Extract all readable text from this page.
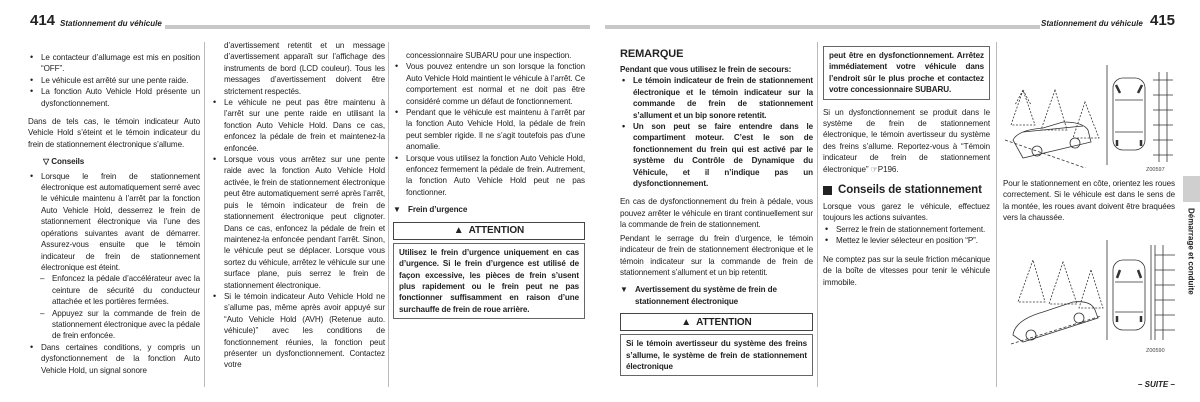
414 Stationnement du véhicule	Stationnement du véhicule 415
• Le contacteur d’allumage est mis en position “OFF”.
• Le véhicule est arrêté sur une pente raide.
• La fonction Auto Vehicle Hold présente un dysfonctionnement.

Dans de tels cas, le témoin indicateur Auto Vehicle Hold s’éteint et le témoin indicateur du frein de stationnement électronique s’allume.

▽ Conseils
• Lorsque le frein de stationnement électronique est automatiquement serré avec le véhicule maintenu à l’arrêt par la fonction Auto Vehicle Hold, desserrez le frein de stationnement électronique via l’une des opérations suivantes avant de démarrer. Assurez-vous ensuite que le témoin indicateur de frein de stationnement électronique est éteint.
– Enfoncez la pédale d’accélérateur avec la ceinture de sécurité du conducteur attachée et les portières fermées.
– Appuyez sur la commande de frein de stationnement électronique avec la pédale de frein enfoncée.
• Dans certaines conditions, y compris un dysfonctionnement de la fonction Auto Vehicle Hold, un signal sonore

d’avertissement retentit et un message d’avertissement apparaît sur l’affichage des instruments de bord (LCD couleur). Tous les messages d’avertissement doivent être strictement respectés.

• Le véhicule ne peut pas être maintenu à l’arrêt sur une pente raide en utilisant la fonction Auto Vehicle Hold. Dans ce cas, enfoncez la pédale de frein et maintenez-la enfoncée.
• Lorsque vous vous arrêtez sur une pente raide avec la fonction Auto Vehicle Hold activée, le frein de stationnement électronique peut être automatiquement serré après l’arrêt, puis le témoin indicateur de frein de stationnement électronique peut clignoter. Dans ce cas, enfoncez la pédale de frein et maintenez-la enfoncée pendant l’arrêt. Sinon, le véhicule peut se déplacer. Lorsque vous sortez du véhicule, arrêtez le véhicule sur une surface plane, puis serrez le frein de stationnement électronique.
• Si le témoin indicateur Auto Vehicle Hold ne s’allume pas, même après avoir appuyé sur “Auto Vehicle Hold (AVH) (Retenue auto. véhicule)” avec les conditions de fonctionnement réunies, la fonction peut présenter un dysfonctionnement. Contactez votre

concessionnaire SUBARU pour une inspection.

• Vous pouvez entendre un son lorsque la fonction Auto Vehicle Hold maintient le véhicule à l’arrêt. Ce comportement est normal et ne doit pas être considéré comme un défaut de fonctionnement.
• Pendant que le véhicule est maintenu à l’arrêt par la fonction Auto Vehicle Hold, la pédale de frein peut sembler rigide. Il ne s’agit toutefois pas d’une anomalie.
• Lorsque vous utilisez la fonction Auto Vehicle Hold, enfoncez fermement la pédale de frein. Autrement, la fonction Auto Vehicle Hold peut ne pas fonctionner.
▼ Frein d’urgence
▲ ATTENTION
Utilisez le frein d’urgence uniquement en cas d’urgence. Si le frein d’urgence est utilisé de façon excessive, les pièces de frein s’usent plus rapidement ou le frein peut ne pas fonctionner suffisamment en raison d’une surchauffe de frein de roue arrière.
REMARQUE

Pendant que vous utilisez le frein de secours:

• Le témoin indicateur de frein de stationnement électronique et le témoin indicateur sur la commande de frein de stationnement s’allument et un bip sonore retentit.
• Un son peut se faire entendre dans le compartiment moteur. C’est le son de fonctionnement du frein qui est activé par le système du Contrôle de Dynamique du Véhicule, et il n’indique pas un dysfonctionnement.

En cas de dysfonctionnement du frein à pédale, vous pouvez arrêter le véhicule en tirant continuellement sur la commande de frein de stationnement.

Pendant le serrage du frein d’urgence, le témoin indicateur de frein de stationnement électronique et le témoin indicateur sur la commande de frein de stationnement s’allument et un bip retentit.

▼ Avertissement du système de frein de stationnement électronique
▲ ATTENTION
Si le témoin avertisseur du système des freins s’allume, le système de frein de stationnement électronique
peut être en dysfonctionnement. Arrêtez immédiatement votre véhicule dans l’endroit sûr le plus proche et contactez votre concessionnaire SUBARU.

Si un dysfonctionnement se produit dans le système de frein de stationnement électronique, le témoin avertisseur du système des freins s’allume. Reportez-vous à “Témoin indicateur de frein de stationnement électronique” ☞P196.

Conseils de stationnement

Lorsque vous garez le véhicule, effectuez toujours les actions suivantes.

• Serrez le frein de stationnement fortement.
• Mettez le levier sélecteur en position “P”.

Ne comptez pas sur la seule friction mécanique de la boîte de vitesses pour tenir le véhicule immobile.

Z00597

Pour le stationnement en côte, orientez les roues correctement. Si le véhicule est dans le sens de la montée, les roues avant doivent être braquées vers la chaussée.

Z00590
– SUITE –
Démarrage et conduite
